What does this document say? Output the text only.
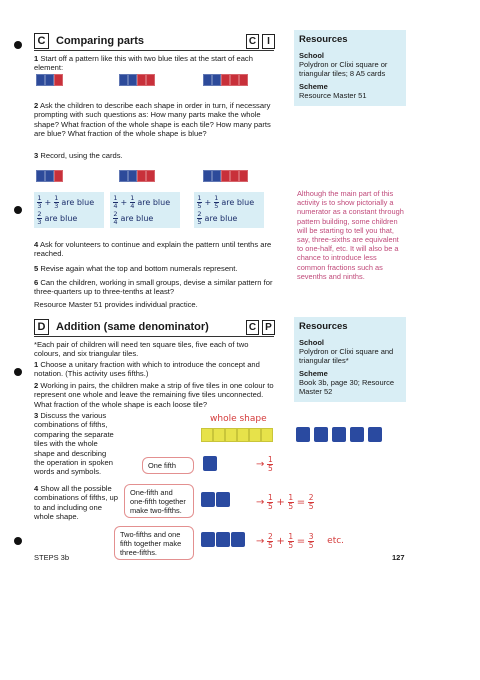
C Comparing parts	C	I
1 Start off a pattern like this with two blue tiles at the start of each element:
2 Ask the children to describe each shape in order in turn, if necessary prompting with such questions as: How many parts make the whole shape? What fraction of the whole shape is each tile? How many parts are blue? What fraction of the whole shape is blue?
3 Record, using the cards.
$\frac{1}{3} + \frac{1}{3}$ are blue
$\frac{2}{3}$ are blue
$\frac{1}{4} + \frac{1}{4}$ are blue
$\frac{2}{4}$ are blue
$\frac{1}{5} + \frac{1}{5}$ are blue
$\frac{2}{5}$ are blue
4 Ask for volunteers to continue and explain the pattern until tenths are reached.
5 Revise again what the top and bottom numerals represent.
6 Can the children, working in small groups, devise a similar pattern for three-quarters up to three-tenths at least?
Resource Master 51 provides individual practice.
Resources
School
Polydron or Clixi square or triangular tiles; 8 A5 cards
Scheme
Resource Master 51
Although the main part of this activity is to show pictorially a numerator as a constant through pattern building, some children will be starting to tell you that, say, three-sixths are equivalent to one-half, etc. It will also be a chance to introduce less common fractions such as sevenths and ninths.
D Addition (same denominator)	C P
*Each pair of children will need ten square tiles, five each of two colours, and six triangular tiles.
1 Choose a unitary fraction with which to introduce the concept and notation. (This activity uses fifths.)
2 Working in pairs, the children make a strip of five tiles in one colour to represent one whole and leave the remaining five tiles unconnected. What fraction of the whole shape is each loose tile?
3 Discuss the various combinations of fifths, comparing the separate tiles with the whole shape and describing the operation in spoken words and symbols.
4 Show all the possible combinations of fifths, up to and including one whole shape.
Resources
School
Polydron or Clixi square and triangular tiles*
Scheme
Book 3b, page 30; Resource Master 52
whole shape
One fifth	→ $\frac{1}{5}$
One-fifth and one-fifth together make two-fifths.
→ $\frac{1}{5} + \frac{1}{5} = \frac{2}{5}$
Two-fifths and one fifth together make three-fifths.
→ $\frac{2}{5} + \frac{1}{5} = \frac{3}{5}$ etc.
STEPS 3b	127
